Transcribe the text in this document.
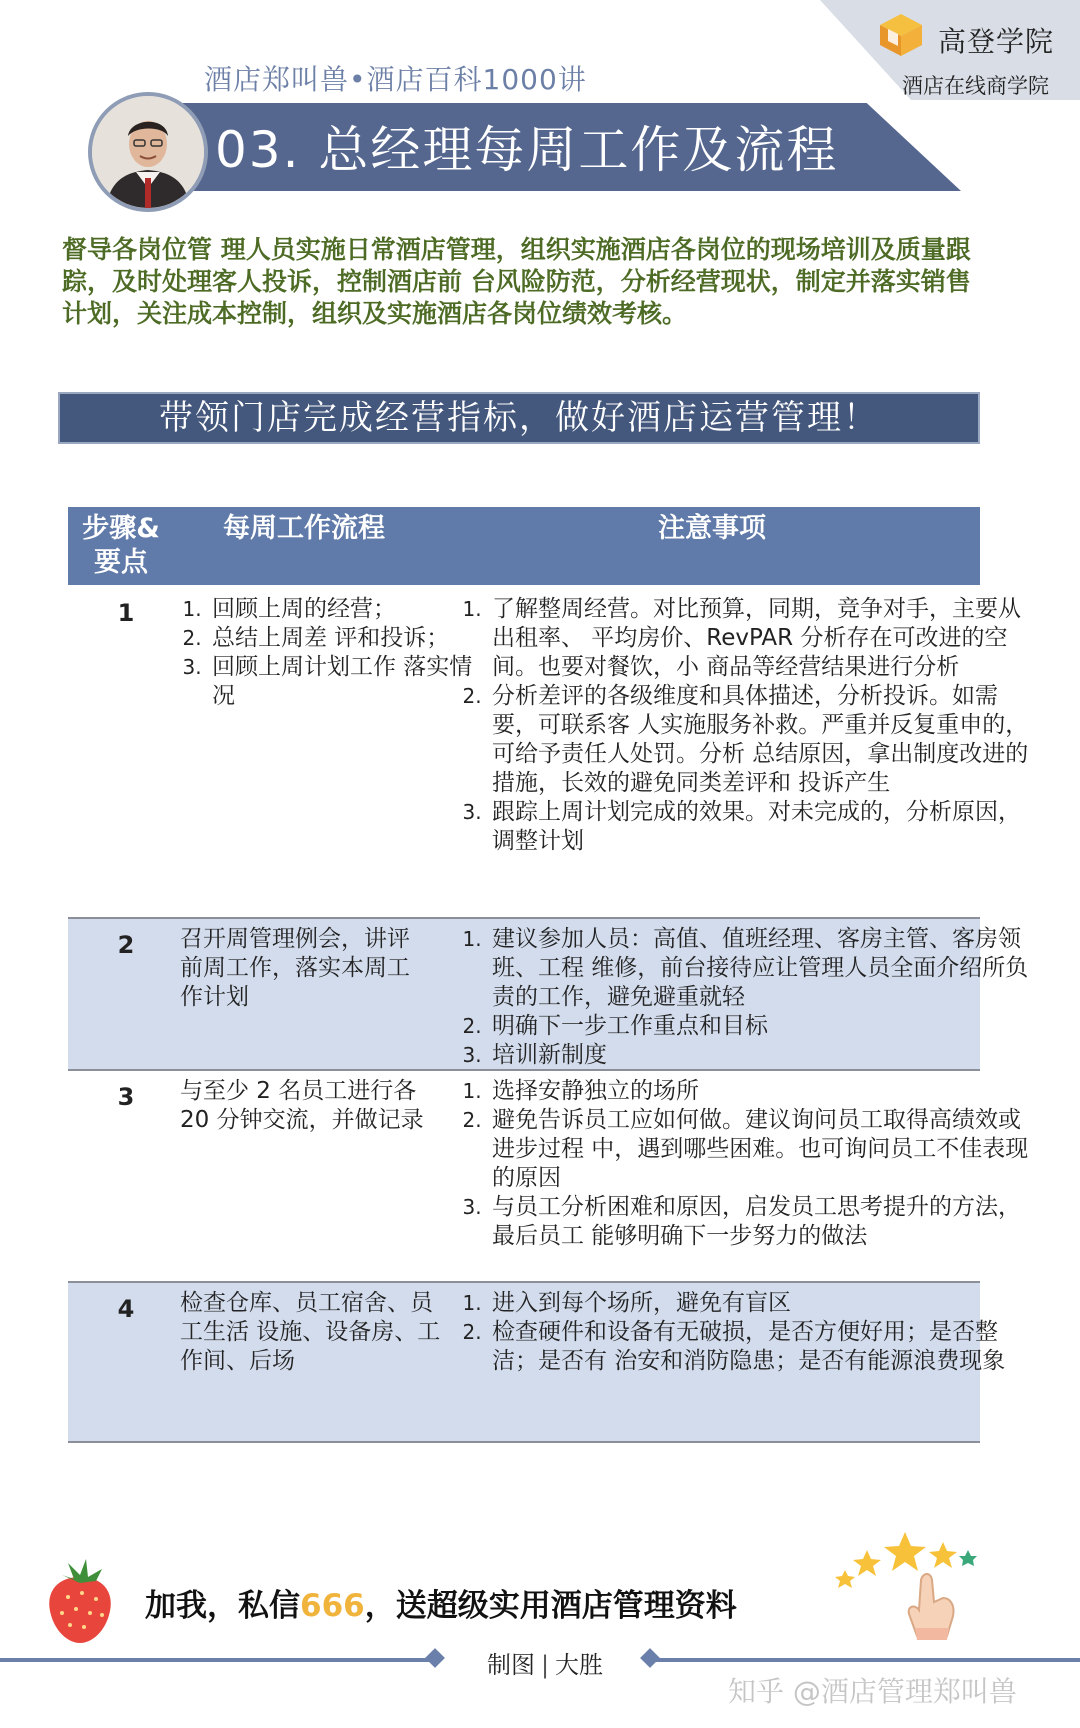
高登学院
酒店在线商学院
酒店郑叫兽•酒店百科1000讲
03. 总经理每周工作及流程
督导各岗位管 理人员实施日常酒店管理，组织实施酒店各岗位的现场培训及质量跟踪，及时处理客人投诉，控制酒店前 台风险防范，分析经营现状，制定并落实销售计划，关注成本控制，组织及实施酒店各岗位绩效考核。
带领门店完成经营指标，做好酒店运营管理！
步骤&要点
每周工作流程	注意事项
1
1.	回顾上周的经营；
2. 总结上周差 评和投诉；
3. 回顾上周计划工作 落实情况
1. 了解整周经营。对比预算，同期，竞争对手，主要从出租率、 平均房价、RevPAR 分析存在可改进的空间。也要对餐饮，小 商品等经营结果进行分析
2. 分析差评的各级维度和具体描述，分析投诉。如需要，可联系客 人实施服务补救。严重并反复重申的，可给予责任人处罚。分析 总结原因，拿出制度改进的措施，长效的避免同类差评和 投诉产生
3. 跟踪上周计划完成的效果。对未完成的，分析原因，调整计划
2 召开周管理例会，讲评前周工作，落实本周工作计划
1. 建议参加人员：高值、值班经理、客房主管、客房领班、工程 维修，前台接待应让管理人员全面介绍所负责的工作，避免避重就轻
2. 明确下一步工作重点和目标
3. 培训新制度
3 与至少 2 名员工进行各 20 分钟交流，并做记录
1. 选择安静独立的场所
2. 避免告诉员工应如何做。建议询问员工取得高绩效或进步过程 中，遇到哪些困难。也可询问员工不佳表现的原因
3. 与员工分析困难和原因，启发员工思考提升的方法，最后员工 能够明确下一步努力的做法
4 检查仓库、员工宿舍、员工生活 设施、设备房、工作间、后场
1. 进入到每个场所，避免有盲区
2. 检查硬件和设备有无破损，是否方便好用；是否整洁；是否有 治安和消防隐患；是否有能源浪费现象
加我，私信666，送超级实用酒店管理资料
制图 | 大胜
知乎 @酒店管理郑叫兽
